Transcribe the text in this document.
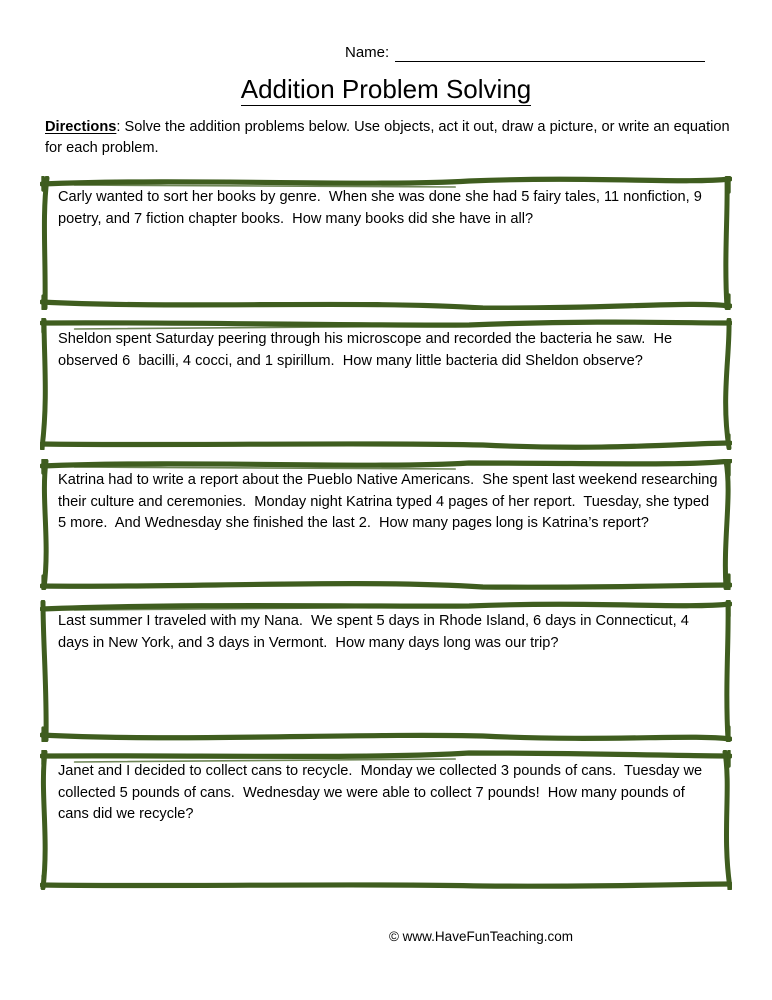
Name:
Addition Problem Solving
Directions: Solve the addition problems below. Use objects, act it out, draw a picture, or write an equation for each problem.
Carly wanted to sort her books by genre.  When she was done she had 5 fairy tales, 11 nonfiction, 9 poetry, and 7 fiction chapter books.  How many books did she have in all?
Sheldon spent Saturday peering through his microscope and recorded the bacteria he saw.  He observed 6  bacilli, 4 cocci, and 1 spirillum.  How many little bacteria did Sheldon observe?
Katrina had to write a report about the Pueblo Native Americans.  She spent last weekend researching their culture and ceremonies.  Monday night Katrina typed 4 pages of her report.  Tuesday, she typed 5 more.  And Wednesday she finished the last 2.  How many pages long is Katrina’s report?
Last summer I traveled with my Nana.  We spent 5 days in Rhode Island, 6 days in Connecticut, 4 days in New York, and 3 days in Vermont.  How many days long was our trip?
Janet and I decided to collect cans to recycle.  Monday we collected 3 pounds of cans.  Tuesday we collected 5 pounds of cans.  Wednesday we were able to collect 7 pounds!  How many pounds of cans did we recycle?
© www.HaveFunTeaching.com
